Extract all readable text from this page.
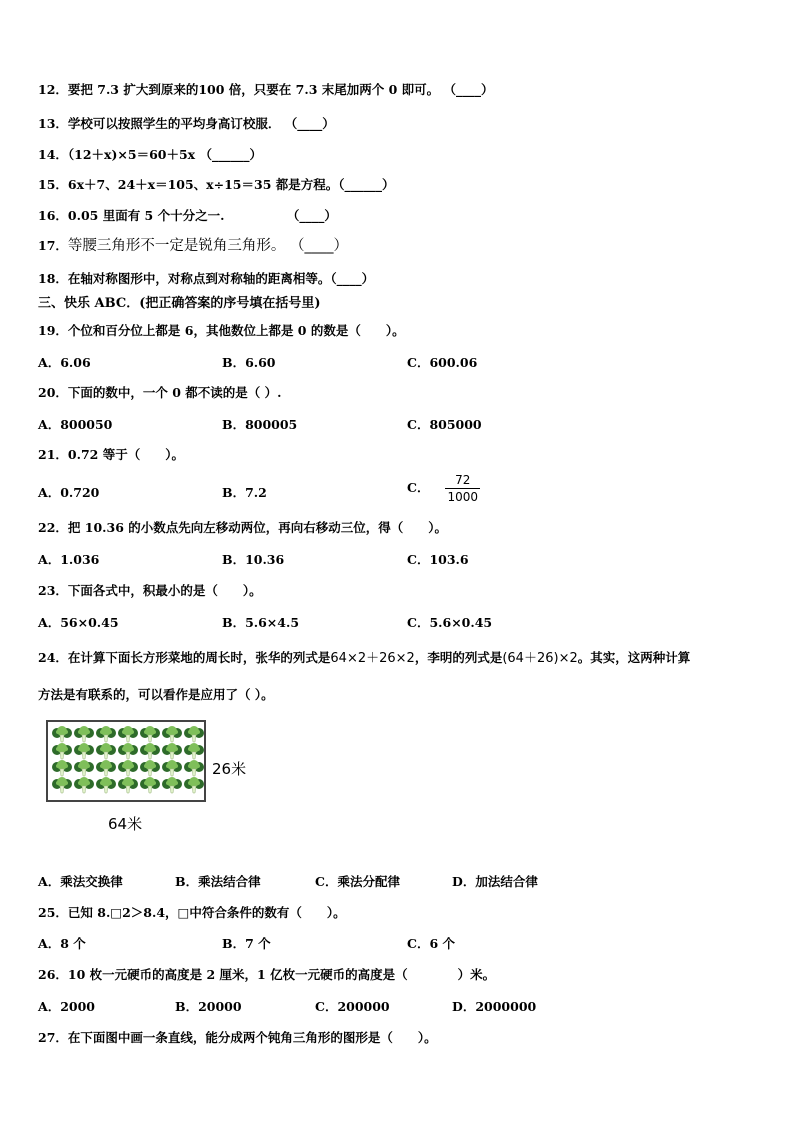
12．要把 7.3 扩大到原来的100 倍，只要在 7.3 末尾加两个 0 即可。 （____）
13．学校可以按照学生的平均身高订校服． （____）
14．（12＋x)×5＝60＋5x （______）
15．6x＋7、24＋x＝105、x÷15＝35 都是方程。（______）
16．0.05 里面有 5 个十分之一.	（____）
17．等腰三角形不一定是锐角三角形。 （____）
18．在轴对称图形中，对称点到对称轴的距离相等。（____）
三、快乐 ABC．(把正确答案的序号填在括号里)
19．个位和百分位上都是 6，其他数位上都是 0 的数是（　　）。
A．6.06	B．6.60	C．600.06
20．下面的数中，一个 0 都不读的是（ ）.
A．800050	B．800005	C．805000
21．0.72 等于（　　）。
A．0.720	B．7.2	C． $\frac{72}{1000}$
22．把 10.36 的小数点先向左移动两位，再向右移动三位，得（　　）。
A．1.036	B．10.36	C．103.6
23．下面各式中，积最小的是（　　）。
A．56×0.45	B．5.6×4.5	C．5.6×0.45
24．在计算下面长方形菜地的周长时，张华的列式是64×2＋26×2，李明的列式是(64＋26)×2。其实，这两种计算
方法是有联系的，可以看作是应用了（ ）。
26米
64米
A．乘法交换律	B．乘法结合律	C．乘法分配律	D．加法结合律
25．已知 8.□2＞8.4，□中符合条件的数有（　　）。
A．8 个	B．7 个	C．6 个
26．10 枚一元硬币的高度是 2 厘米，1 亿枚一元硬币的高度是（　　　　）米。
A．2000	B．20000	C．200000	D．2000000
27．在下面图中画一条直线，能分成两个钝角三角形的图形是（　　）。
